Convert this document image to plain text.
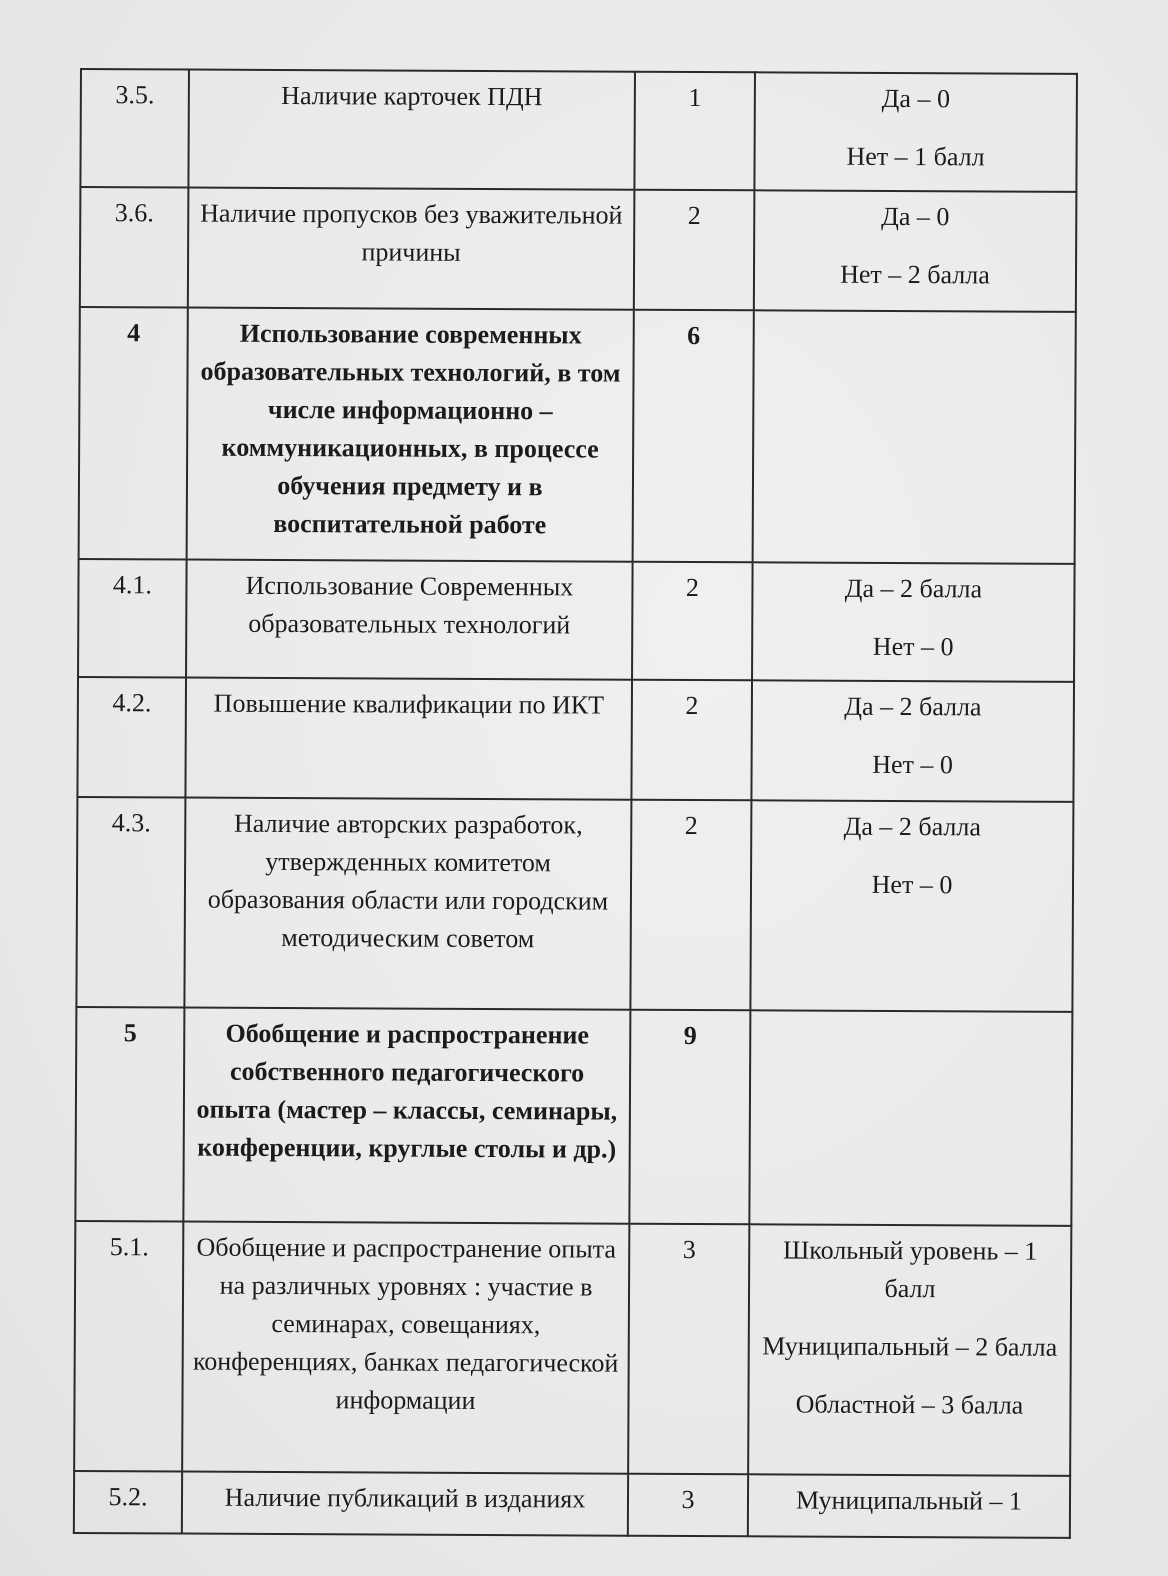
3.5.	Наличие карточек ПДН	1	Да – 0

Нет – 1 балл

3.6.	Наличие пропусков без уважительной причины	2	Да – 0

Нет – 2 балла

4	Использование современных образовательных технологий, в том числе информационно – коммуникационных, в процессе обучения предмету и в воспитательной работе	6	
4.1.	Использование Современных образовательных технологий	2	Да – 2 балла

Нет – 0

4.2.	Повышение квалификации по ИКТ	2	Да – 2 балла

Нет – 0

4.3.	Наличие авторских разработок, утвержденных комитетом образования области или городским методическим советом	2	Да – 2 балла

Нет – 0

5	Обобщение и распространение собственного педагогического опыта (мастер – классы, семинары, конференции, круглые столы и др.)	9	
5.1.	Обобщение и распространение опыта на различных уровнях : участие в семинарах, совещаниях, конференциях, банках педагогической информации	3	Школьный уровень – 1 балл

Муниципальный – 2 балла

Областной – 3 балла

5.2.	Наличие публикаций в изданиях	3	Муниципальный – 1
